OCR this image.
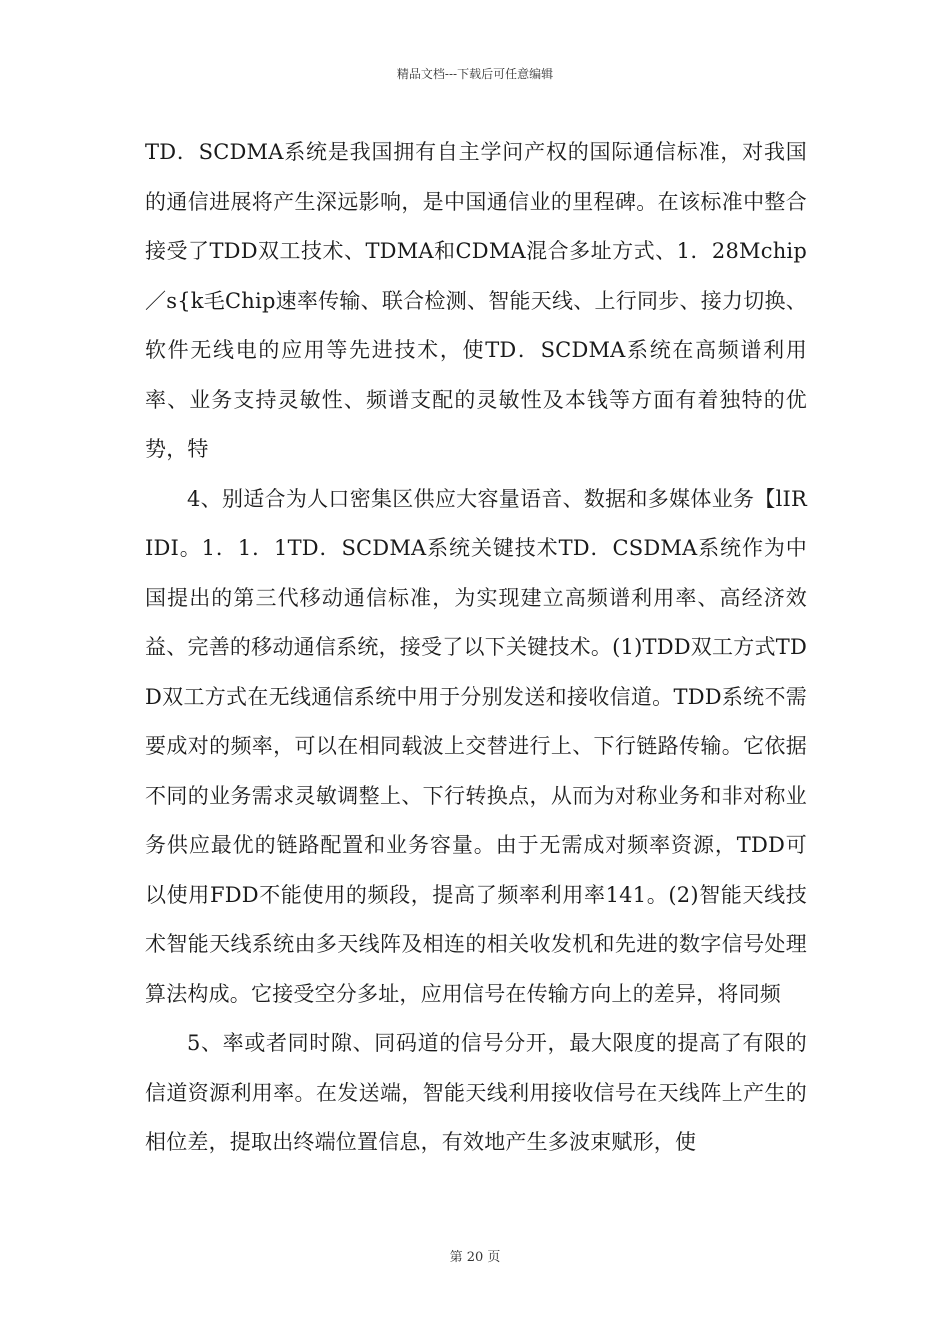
精品文档---下载后可任意编辑

TD．SCDMA系统是我国拥有自主学问产权的国际通信标准，对我国的通信进展将产生深远影响，是中国通信业的里程碑。在该标准中整合接受了TDD双工技术、TDMA和CDMA混合多址方式、1．28Mchip／s{k毛Chip速率传输、联合检测、智能天线、上行同步、接力切换、软件无线电的应用等先进技术，使TD．SCDMA系统在高频谱利用率、业务支持灵敏性、频谱支配的灵敏性及本钱等方面有着独特的优势，特

4、别适合为人口密集区供应大容量语音、数据和多媒体业务【lIRIDI。1．1．1TD．SCDMA系统关键技术TD．CSDMA系统作为中国提出的第三代移动通信标准，为实现建立高频谱利用率、高经济效益、完善的移动通信系统，接受了以下关键技术。(1)TDD双工方式TDD双工方式在无线通信系统中用于分别发送和接收信道。TDD系统不需要成对的频率，可以在相同载波上交替进行上、下行链路传输。它依据不同的业务需求灵敏调整上、下行转换点，从而为对称业务和非对称业务供应最优的链路配置和业务容量。由于无需成对频率资源，TDD可以使用FDD不能使用的频段，提高了频率利用率141。(2)智能天线技术智能天线系统由多天线阵及相连的相关收发机和先进的数字信号处理算法构成。它接受空分多址，应用信号在传输方向上的差异，将同频

5、率或者同时隙、同码道的信号分开，最大限度的提高了有限的信道资源利用率。在发送端，智能天线利用接收信号在天线阵上产生的相位差，提取出终端位置信息，有效地产生多波束赋形，使

第 20 页
